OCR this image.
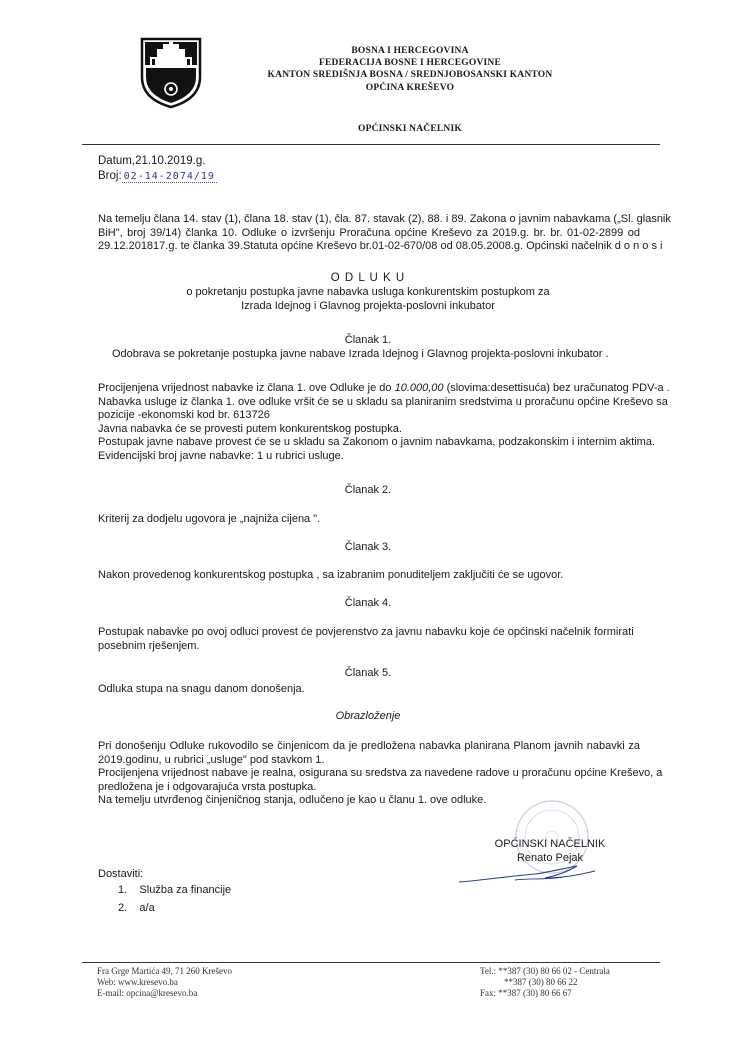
BOSNA I HERCEGOVINA
FEDERACIJA BOSNE I HERCEGOVINE
KANTON SREDIŠNJA BOSNA / SREDNJOBOSANSKI KANTON
OPĆINA KREŠEVO
OPĆINSKI NAČELNIK
Datum,21.10.2019.g.
Broj: 02-14-2074/19
Na temelju člana 14. stav (1), člana 18. stav (1), čla. 87. stavak (2), 88. i 89. Zakona o javnim nabavkama („Sl. glasnik
BiH", broj 39/14) članka 10. Odluke o izvršenju Proračuna općine Kreševo za 2019.g. br. br. 01-02-2899 od
29.12.201817.g. te članka 39.Statuta općine Kreševo br.01-02-670/08 od 08.05.2008.g. Općinski načelnik d o n o s i
O D L U K U
o pokretanju postupka javne nabavka usluga konkurentskim postupkom za
Izrada Idejnog i Glavnog projekta-poslovni inkubator
Članak 1.
Odobrava se pokretanje postupka javne nabave Izrada Idejnog i Glavnog projekta-poslovni inkubator .
Procijenjena vrijednost nabavke iz člana 1. ove Odluke je do 10.000,00 (slovima:desettisuća) bez uračunatog PDV-a .
Nabavka usluge iz članka 1. ove odluke vršit će se u skladu sa planiranim sredstvima u proračunu općine Kreševo sa
pozicije -ekonomski kod br. 613726
Javna nabavka će se provesti putem konkurentskog postupka.
Postupak javne nabave provest će se u skladu sa Zakonom o javnim nabavkama, podzakonskim i internim aktima.
Evidencijski broj javne nabavke: 1 u rubrici usluge.
Članak 2.
Kriterij za dodjelu ugovora je „najniža cijena ".
Članak 3.
Nakon provedenog konkurentskog postupka , sa izabranim ponuditeljem zaključiti će se ugovor.
Članak 4.
Postupak nabavke po ovoj odluci provest će povjerenstvo za javnu nabavku koje će općinski načelnik formirati
posebnim rješenjem.
Članak 5.
Odluka stupa na snagu danom donošenja.
Obrazloženje
Pri donošenju Odluke rukovodilo se činjenicom da je predložena nabavka planirana Planom javnih nabavki za
2019.godinu, u rubrici „usluge" pod stavkom 1.
Procijenjena vrijednost nabave je realna, osigurana su sredstva za navedene radove u proračunu općine Kreševo, a
predložena je i odgovarajuća vrsta postupka.
Na temelju utvrđenog činjeničnog stanja, odlučeno je kao u članu 1. ove odluke.
OPĆINSKI NAČELNIK
Renato Pejak
Dostaviti:
1. Služba za financije
2. a/a
Fra Grge Martića 49, 71 260 Kreševo
Web: www.kresevo.ba
E-mail: opcina@kresevo.ba
Tel.: **387 (30) 80 66 02 - Centrala
**387 (30) 80 66 22
Fax: **387 (30) 80 66 67
